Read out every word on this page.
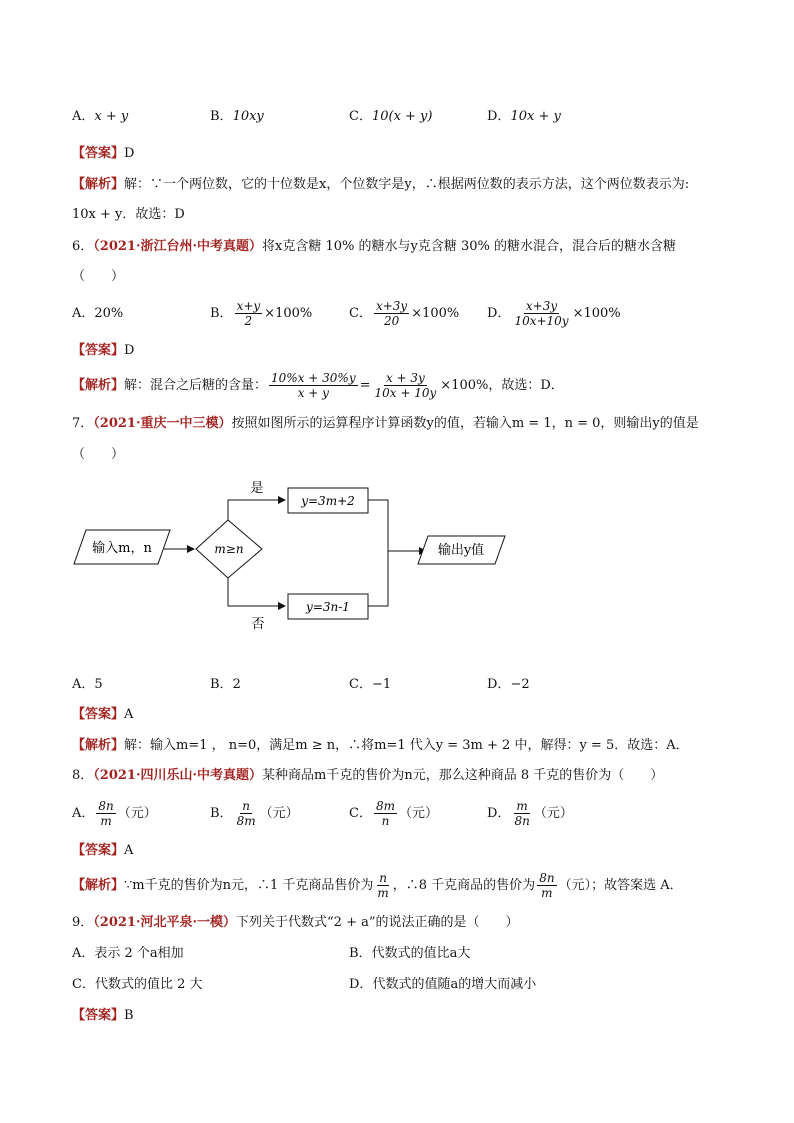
A．x + y	B．10xy	C．10(x + y)	D．10x + y
【答案】D
【解析】解：∵一个两位数，它的十位数是x，个位数字是y，∴根据两位数的表示方法，这个两位数表示为:
10x + y．故选：D
6．（2021·浙江台州·中考真题）将x克含糖 10% 的糖水与y克含糖 30% 的糖水混合，混合后的糖水含糖
（　　）
A．20%	B． $\frac{x+y}{2} \times 100\%$	C． $\frac{x+3y}{20} \times 100\%$ D． $\frac{x+3y}{10x+10y} \times 100\%$
【答案】D
【解析】解：混合之后糖的含量： $\frac{10\%x + 30\%y}{x + y} = \frac{x + 3y}{10x + 10y} \times 100\%$，故选：D．
7．（2021·重庆一中三模）按照如图所示的运算程序计算函数y的值，若输入m = 1，n = 0，则输出y的值是
（　　）
输入m，n	m≥n
是
y=3m+2
否
y=3n-1
输出y值
A．5	B．2	C．−1	D．−2
【答案】A
【解析】解：输入m=1 ， n=0，满足m ≥ n，∴将m=1 代入y = 3m + 2 中，解得：y = 5．故选：A．
8．（2021·四川乐山·中考真题）某种商品m千克的售价为n元，那么这种商品 8 千克的售价为（　　）
A． $\frac{8n}{m}$ （元）	B． $\frac{n}{8m}$ （元）	C． $\frac{8m}{n}$ （元）	D． $\frac{m}{8n}$ （元）
【答案】A
【解析】∵m千克的售价为n元，∴1 千克商品售价为 $\frac{n}{m}$ ，∴8 千克商品的售价为 $\frac{8n}{m}$ （元）；故答案选 A．
9．（2021·河北平泉·一模）下列关于代数式“2 + a”的说法正确的是（　　）
A．表示 2 个a相加	B．代数式的值比a大
C．代数式的值比 2 大	D．代数式的值随a的增大而减小
【答案】B
